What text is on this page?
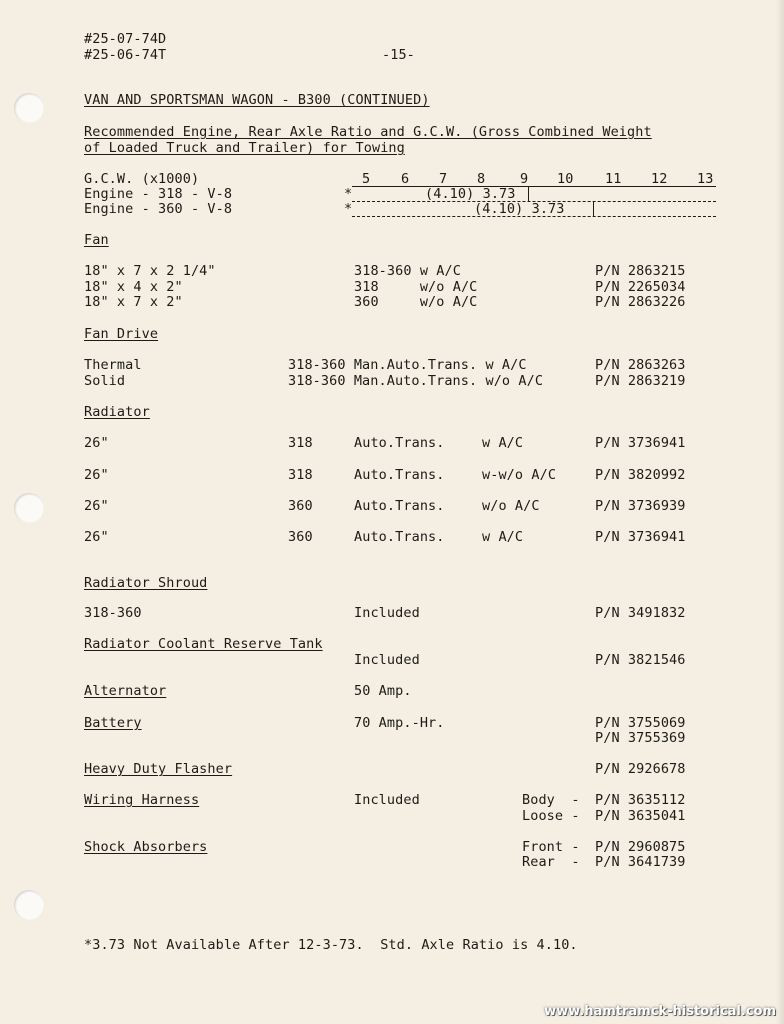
#25-07-74D
#25-06-74T	-15-
VAN AND SPORTSMAN WAGON - B300 (CONTINUED)
Recommended Engine, Rear Axle Ratio and G.C.W. (Gross Combined Weight
of Loaded Truck and Trailer) for Towing
G.C.W. (x1000)	5 6 7 8	9 10 11 12 13
Engine - 318 - V-8	*	(4.10) 3.73
Engine - 360 - V-8	*	(4.10) 3.73
Fan
18" x 7 x 2 1/4"	318-360 w A/C	P/N 2863215
18" x 4 x 2"	318     w/o A/C	P/N 2265034
18" x 7 x 2"	360     w/o A/C	P/N 2863226
Fan Drive
Thermal	318-360 Man.Auto.Trans. w A/C	P/N 2863263
Solid	318-360 Man.Auto.Trans. w/o A/C	P/N 2863219
Radiator
26"	318	Auto.Trans.	w A/C	P/N 3736941
26"	318	Auto.Trans.	w-w/o A/C	P/N 3820992
26"	360	Auto.Trans.	w/o A/C	P/N 3736939
26"	360	Auto.Trans.	w A/C	P/N 3736941
Radiator Shroud
318-360	Included	P/N 3491832
Radiator Coolant Reserve Tank
Included	P/N 3821546
Alternator	50 Amp.
Battery	70 Amp.-Hr.	P/N 3755069
P/N 3755369
Heavy Duty Flasher	P/N 2926678
Wiring Harness	Included	Body  - P/N 3635112
Loose - P/N 3635041
Shock Absorbers	Front - P/N 2960875
Rear  - P/N 3641739
*3.73 Not Available After 12-3-73.  Std. Axle Ratio is 4.10.
www.hamtramck-historical.com
